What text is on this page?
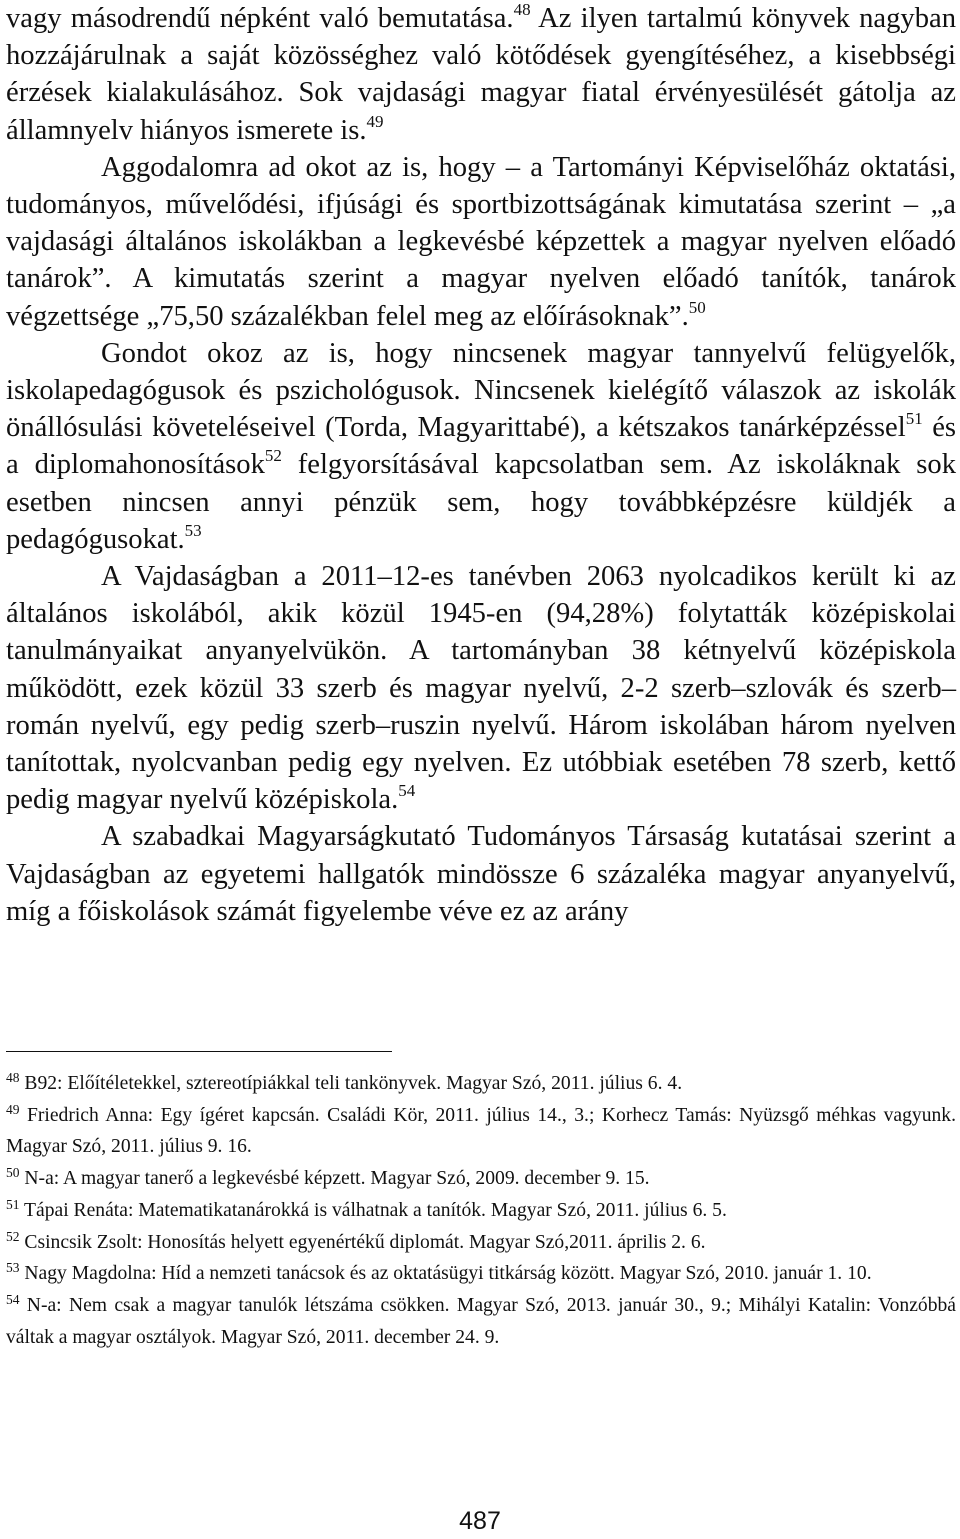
vagy másodrendű népként való bemutatása.$^{48}$ Az ilyen tartalmú könyvek nagyban hozzájárulnak a saját közösséghez való kötődések gyengítéséhez, a kisebbségi érzések kialakulásához. Sok vajdasági magyar fiatal érvényesülését gátolja az államnyelv hiányos ismerete is.$^{49}$

Aggodalomra ad okot az is, hogy – a Tartományi Képviselőház oktatási, tudományos, művelődési, ifjúsági és sportbizottságának kimutatása szerint – „a vajdasági általános iskolákban a legkevésbé képzettek a magyar nyelven előadó tanárok”. A kimutatás szerint a magyar nyelven előadó tanítók, tanárok végzettsége „75,50 százalékban felel meg az előírásoknak”.$^{50}$

Gondot okoz az is, hogy nincsenek magyar tannyelvű felügyelők, iskolapedagógusok és pszichológusok. Nincsenek kielégítő válaszok az iskolák önállósulási követeléseivel (Torda, Magyarittabé), a kétszakos tanárképzéssel$^{51}$ és a diplomahonosítások$^{52}$ felgyorsításával kapcsolatban sem. Az iskoláknak sok esetben nincsen annyi pénzük sem, hogy továbbképzésre küldjék a pedagógusokat.$^{53}$

A Vajdaságban a 2011–12-es tanévben 2063 nyolcadikos került ki az általános iskolából, akik közül 1945-en (94,28%) folytatták középiskolai tanulmányaikat anyanyelvükön. A tartományban 38 kétnyelvű középiskola működött, ezek közül 33 szerb és magyar nyelvű, 2-2 szerb–szlovák és szerb–román nyelvű, egy pedig szerb–ruszin nyelvű. Három iskolában három nyelven tanítottak, nyolcvanban pedig egy nyelven. Ez utóbbiak esetében 78 szerb, kettő pedig magyar nyelvű középiskola.$^{54}$

A szabadkai Magyarságkutató Tudományos Társaság kutatásai szerint a Vajdaságban az egyetemi hallgatók mindössze 6 százaléka magyar anyanyelvű, míg a főiskolások számát figyelembe véve ez az arány

$^{48}$ B92: Előítéletekkel, sztereotípiákkal teli tankönyvek. Magyar Szó, 2011. július 6. 4.

$^{49}$ Friedrich Anna: Egy ígéret kapcsán. Családi Kör, 2011. július 14., 3.; Korhecz Tamás: Nyüzsgő méhkas vagyunk. Magyar Szó, 2011. július 9. 16.

$^{50}$ N-a: A magyar tanerő a legkevésbé képzett. Magyar Szó, 2009. december 9. 15.

$^{51}$ Tápai Renáta: Matematikatanárokká is válhatnak a tanítók. Magyar Szó, 2011. július 6. 5.

$^{52}$ Csincsik Zsolt: Honosítás helyett egyenértékű diplomát. Magyar Szó,2011. április 2. 6.

$^{53}$ Nagy Magdolna: Híd a nemzeti tanácsok és az oktatásügyi titkárság között. Magyar Szó, 2010. január 1. 10.

$^{54}$ N-a: Nem csak a magyar tanulók létszáma csökken. Magyar Szó, 2013. január 30., 9.; Mihályi Katalin: Vonzóbbá váltak a magyar osztályok. Magyar Szó, 2011. december 24. 9.

487
